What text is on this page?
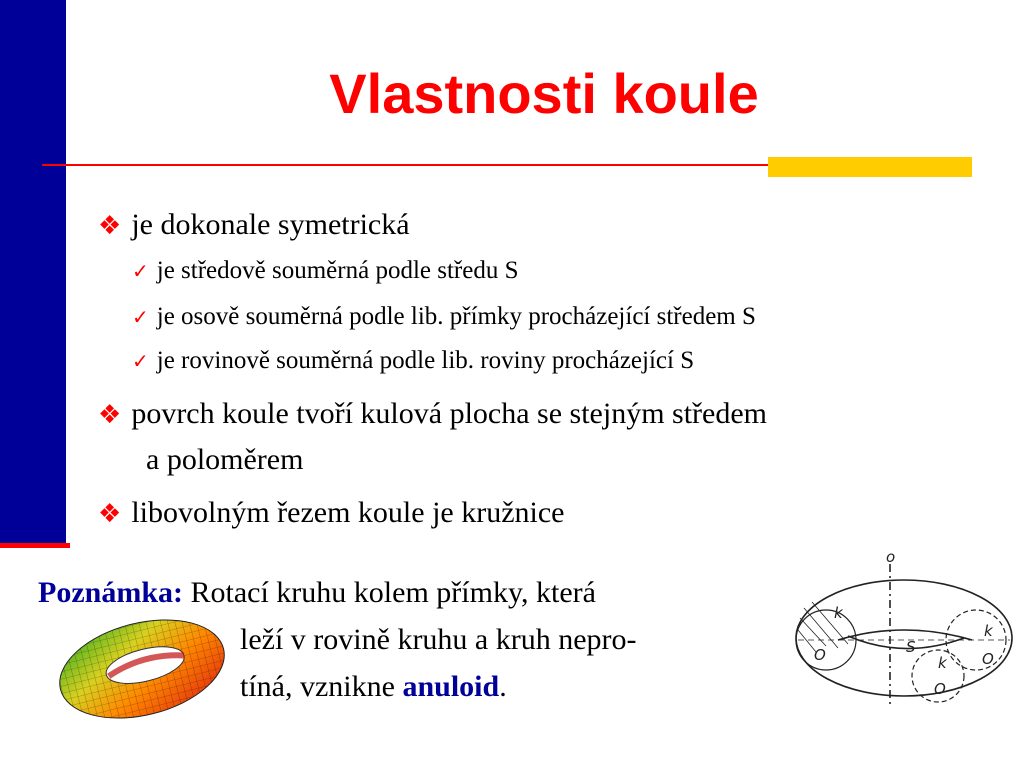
Vlastnosti koule
❖ je dokonale symetrická
✓ je středově souměrná podle středu S
✓ je osově souměrná podle lib. přímky procházející středem S
✓ je rovinově souměrná podle lib. roviny procházející S
❖ povrch koule tvoří kulová plocha se stejným středem
a poloměrem
❖ libovolným řezem koule je kružnice
Poznámka: Rotací kruhu kolem přímky, která
leží v rovině kruhu a kruh nepro-
tíná, vznikne anuloid.
o
k
O	S
k
O
k
O
